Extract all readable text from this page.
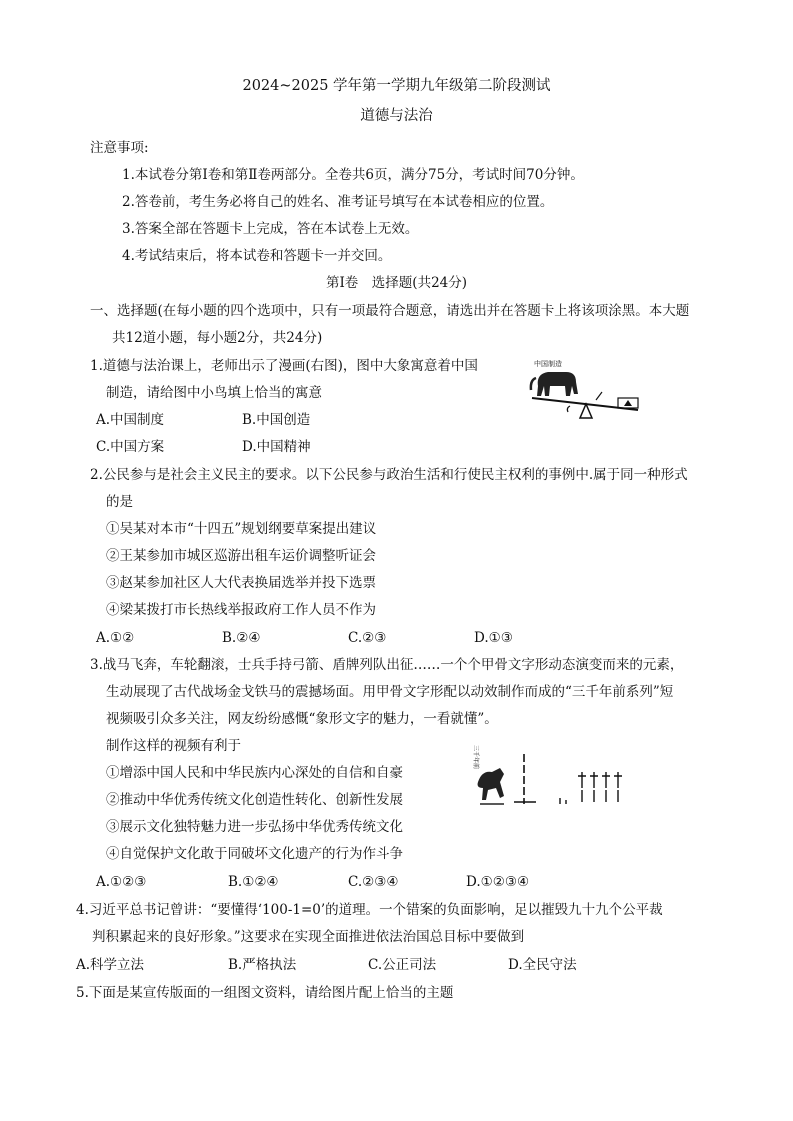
2024~2025 学年第一学期九年级第二阶段测试
道德与法治
注意事项:
1.本试卷分第Ⅰ卷和第Ⅱ卷两部分。全卷共6页，满分75分，考试时间70分钟。
2.答卷前，考生务必将自己的姓名、准考证号填写在本试卷相应的位置。
3.答案全部在答题卡上完成，答在本试卷上无效。
4.考试结束后，将本试卷和答题卡一并交回。
第Ⅰ卷　选择题(共24分)
一、选择题(在每小题的四个选项中，只有一项最符合题意，请选出并在答题卡上将该项涂黑。本大题
共12道小题，每小题2分，共24分)
1.道德与法治课上，老师出示了漫画(右图)，图中大象寓意着中国
制造，请给图中小鸟填上恰当的寓意
A.中国制度	B.中国创造
C.中国方案	D.中国精神
中国制造
2.公民参与是社会主义民主的要求。以下公民参与政治生活和行使民主权利的事例中.属于同一种形式
的是
①吴某对本市“十四五”规划纲要草案提出建议
②王某参加市城区巡游出租车运价调整听证会
③赵某参加社区人大代表换届选举并投下选票
④梁某拨打市长热线举报政府工作人员不作为
A.①②	B.②④	C.②③	D.①③
3.战马飞奔，车轮翻滚，士兵手持弓箭、盾牌列队出征……一个个甲骨文字形动态演变而来的元素，
生动展现了古代战场金戈铁马的震撼场面。用甲骨文字形配以动效制作而成的“三千年前系列”短
视频吸引众多关注，网友纷纷感慨“象形文字的魅力，一看就懂”。
制作这样的视频有利于
①增添中国人民和中华民族内心深处的自信和自豪
②推动中华优秀传统文化创造性转化、创新性发展
③展示文化独特魅力进一步弘扬中华优秀传统文化
④自觉保护文化敢于同破坏文化遗产的行为作斗争
A.①②③	B.①②④	C.②③④	D.①②③④
三千年前
4.习近平总书记曾讲：“要懂得‘100-1=0’的道理。一个错案的负面影响，足以摧毁九十九个公平裁
判积累起来的良好形象。”这要求在实现全面推进依法治国总目标中要做到
A.科学立法	B.严格执法	C.公正司法	D.全民守法
5.下面是某宣传版面的一组图文资料，请给图片配上恰当的主题
